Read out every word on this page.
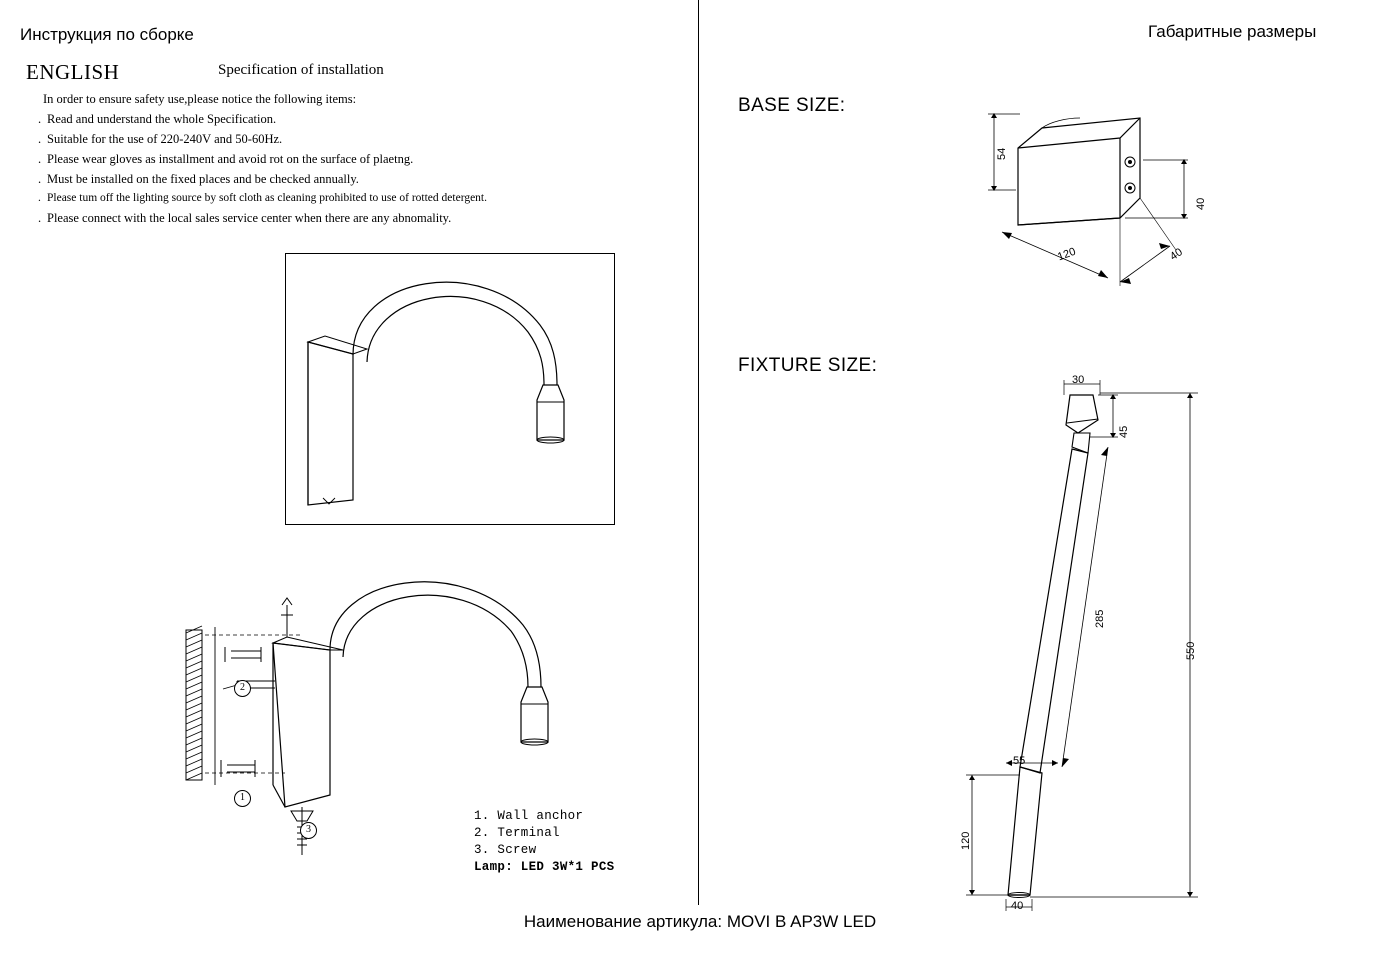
Инструкция по сборке	Габаритные размеры
ENGLISH	Specification of installation

In order to ensure safety use,please notice the following items:

. Read and understand the whole Specification.

. Suitable for the use of 220-240V and 50-60Hz.

. Please wear gloves as installment and avoid rot on the surface of plaetng.

. Must be installed on the fixed places and be checked annually.

. Please tum off the lighting source by soft cloth as cleaning prohibited to use of rotted detergent.

. Please connect with the local sales service center when there are any abnomality.

1
2
3
1. Wall anchor
2. Terminal
3. Screw
Lamp: LED 3W*1 PCS
BASE SIZE:
FIXTURE SIZE:
54
40
120	40
30
45
285
550
55
120
40
Наименование артикула: MOVI B AP3W LED
